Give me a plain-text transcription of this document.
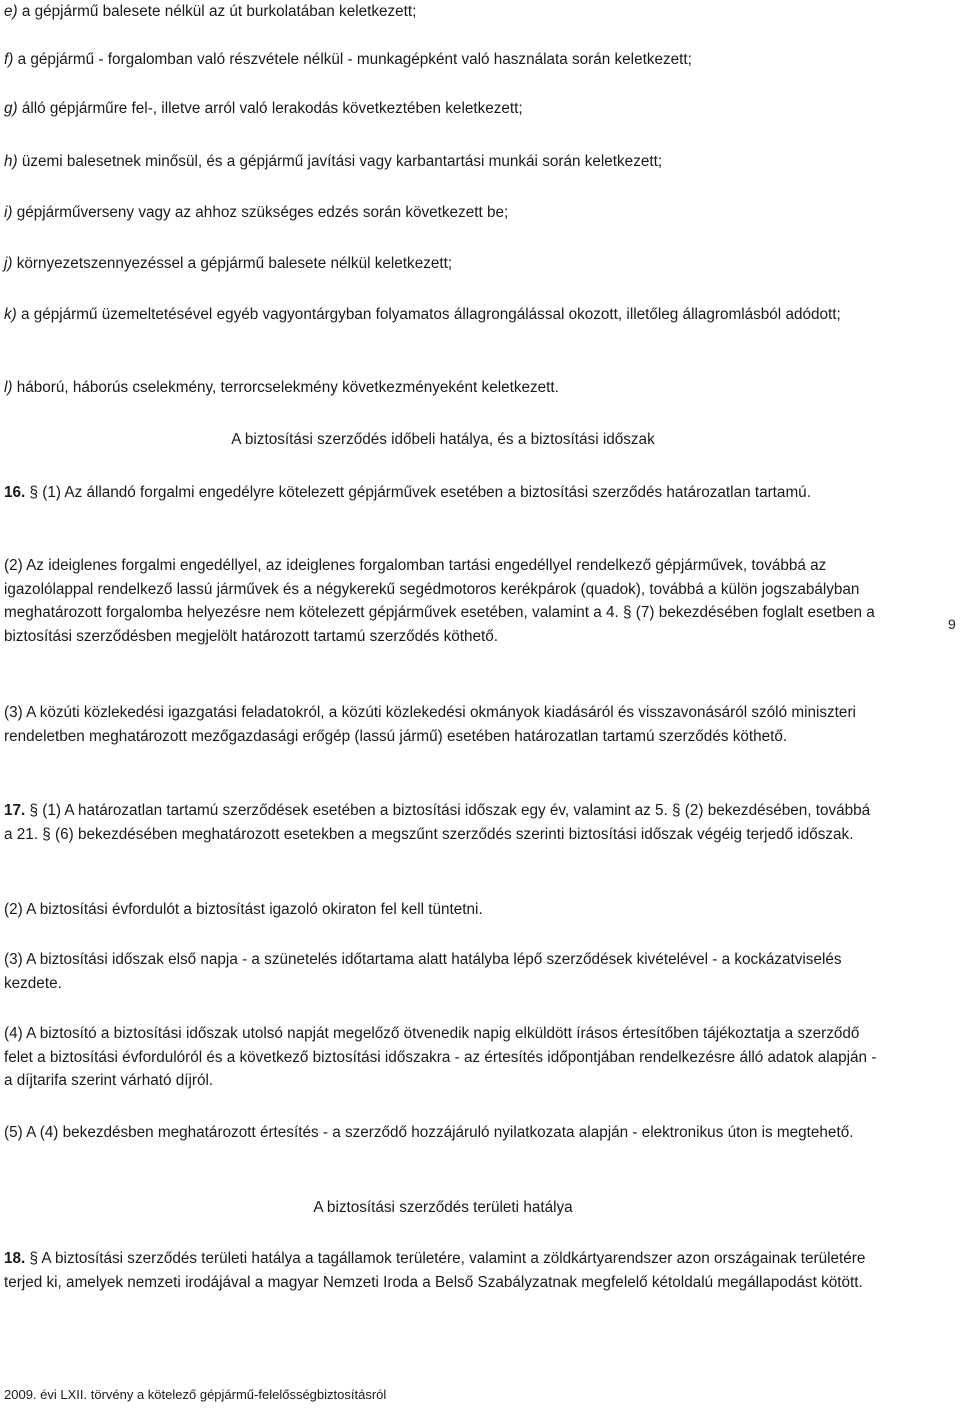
e) a gépjármű balesete nélkül az út burkolatában keletkezett;

f) a gépjármű - forgalomban való részvétele nélkül - munkagépként való használata során keletkezett;

g) álló gépjárműre fel-, illetve arról való lerakodás következtében keletkezett;

h) üzemi balesetnek minősül, és a gépjármű javítási vagy karbantartási munkái során keletkezett;

i) gépjárműverseny vagy az ahhoz szükséges edzés során következett be;

j) környezetszennyezéssel a gépjármű balesete nélkül keletkezett;

k) a gépjármű üzemeltetésével egyéb vagyontárgyban folyamatos állagrongálással okozott, illetőleg állagromlásból adódott;

l) háború, háborús cselekmény, terrorcselekmény következményeként keletkezett.

A biztosítási szerződés időbeli hatálya, és a biztosítási időszak

16. § (1) Az állandó forgalmi engedélyre kötelezett gépjárművek esetében a biztosítási szerződés határozatlan tartamú.

(2) Az ideiglenes forgalmi engedéllyel, az ideiglenes forgalomban tartási engedéllyel rendelkező gépjárművek, továbbá az igazolólappal rendelkező lassú járművek és a négykerekű segédmotoros kerékpárok (quadok), továbbá a külön jogszabályban meghatározott forgalomba helyezésre nem kötelezett gépjárművek esetében, valamint a 4. § (7) bekezdésében foglalt esetben a biztosítási szerződésben megjelölt határozott tartamú szerződés köthető.

(3) A közúti közlekedési igazgatási feladatokról, a közúti közlekedési okmányok kiadásáról és visszavonásáról szóló miniszteri rendeletben meghatározott mezőgazdasági erőgép (lassú jármű) esetében határozatlan tartamú szerződés köthető.

17. § (1) A határozatlan tartamú szerződések esetében a biztosítási időszak egy év, valamint az 5. § (2) bekezdésében, továbbá a 21. § (6) bekezdésében meghatározott esetekben a megszűnt szerződés szerinti biztosítási időszak végéig terjedő időszak.

(2) A biztosítási évfordulót a biztosítást igazoló okiraton fel kell tüntetni.

(3) A biztosítási időszak első napja - a szünetelés időtartama alatt hatályba lépő szerződések kivételével - a kockázatviselés kezdete.

(4) A biztosító a biztosítási időszak utolsó napját megelőző ötvenedik napig elküldött írásos értesítőben tájékoztatja a szerződő felet a biztosítási évfordulóról és a következő biztosítási időszakra - az értesítés időpontjában rendelkezésre álló adatok alapján - a díjtarifa szerint várható díjról.

(5) A (4) bekezdésben meghatározott értesítés - a szerződő hozzájáruló nyilatkozata alapján - elektronikus úton is megtehető.

A biztosítási szerződés területi hatálya

18. § A biztosítási szerződés területi hatálya a tagállamok területére, valamint a zöldkártyarendszer azon országainak területére terjed ki, amelyek nemzeti irodájával a magyar Nemzeti Iroda a Belső Szabályzatnak megfelelő kétoldalú megállapodást kötött.

9
2009. évi LXII. törvény a kötelező gépjármű-felelősségbiztosításról
